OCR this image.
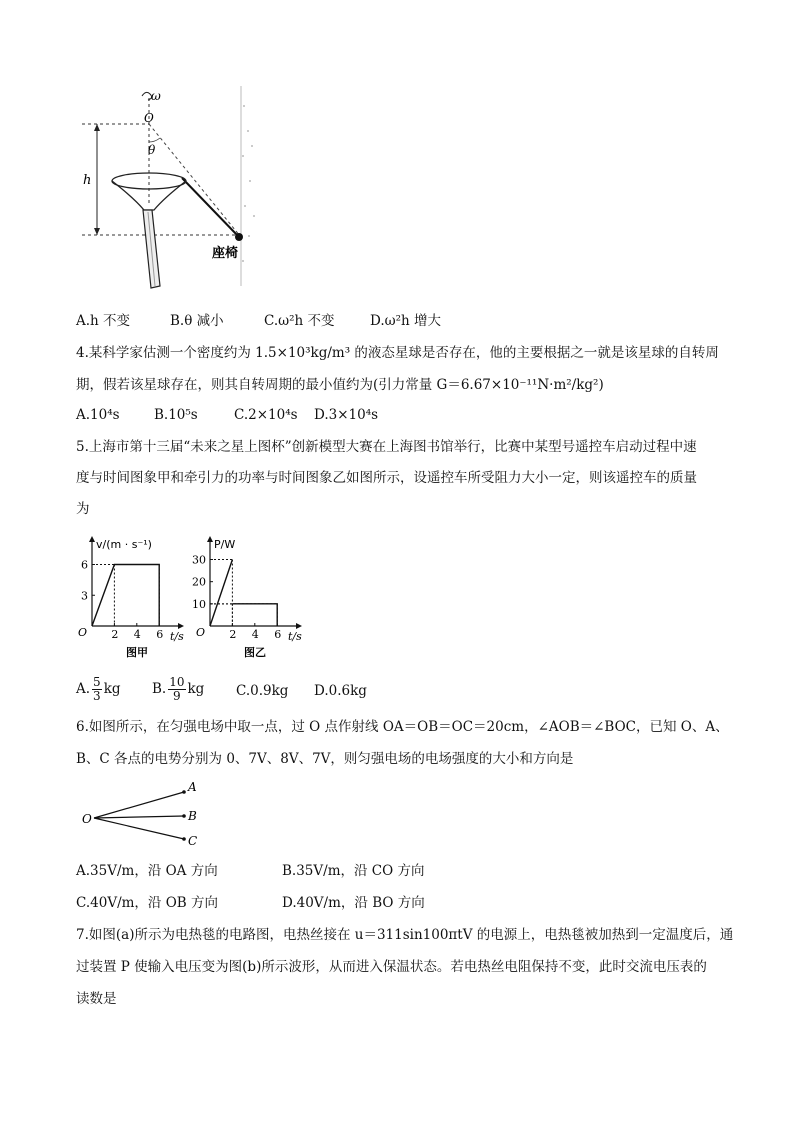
ω
O
θ
h
座椅
A.h 不变	B.θ 减小	C.ω²h 不变	D.ω²h 增大
4.某科学家估测一个密度约为 1.5×10³kg/m³ 的液态星球是否存在，他的主要根据之一就是该星球的自转周
期，假若该星球存在，则其自转周期的最小值约为(引力常量 G＝6.67×10⁻¹¹N·m²/kg²)
A.10⁴s	B.10⁵s	C.2×10⁴s D.3×10⁴s
5.上海市第十三届“未来之星上图杯”创新模型大赛在上海图书馆举行，比赛中某型号遥控车启动过程中速
度与时间图象甲和牵引力的功率与时间图象乙如图所示，设遥控车所受阻力大小一定，则该遥控车的质量
为
v/(m · s⁻¹)
t/s
O
图甲
2 4 6
3
6
P/W
t/s
O
图乙
2 4 6
10
20
30
A. $\frac{5}{3}$ kg B. $\frac{10}{9}$ kg C.0.9kg D.0.6kg
6.如图所示，在匀强电场中取一点，过 O 点作射线 OA＝OB＝OC＝20cm，∠AOB＝∠BOC，已知 O、A、
B、C 各点的电势分别为 0、7V、8V、7V，则匀强电场的电场强度的大小和方向是
O
A
B
C
A.35V/m，沿 OA 方向	B.35V/m，沿 CO 方向
C.40V/m，沿 OB 方向	D.40V/m，沿 BO 方向
7.如图(a)所示为电热毯的电路图，电热丝接在 u＝311sin100πtV 的电源上，电热毯被加热到一定温度后，通
过装置 P 使输入电压变为图(b)所示波形，从而进入保温状态。若电热丝电阻保持不变，此时交流电压表的
读数是
